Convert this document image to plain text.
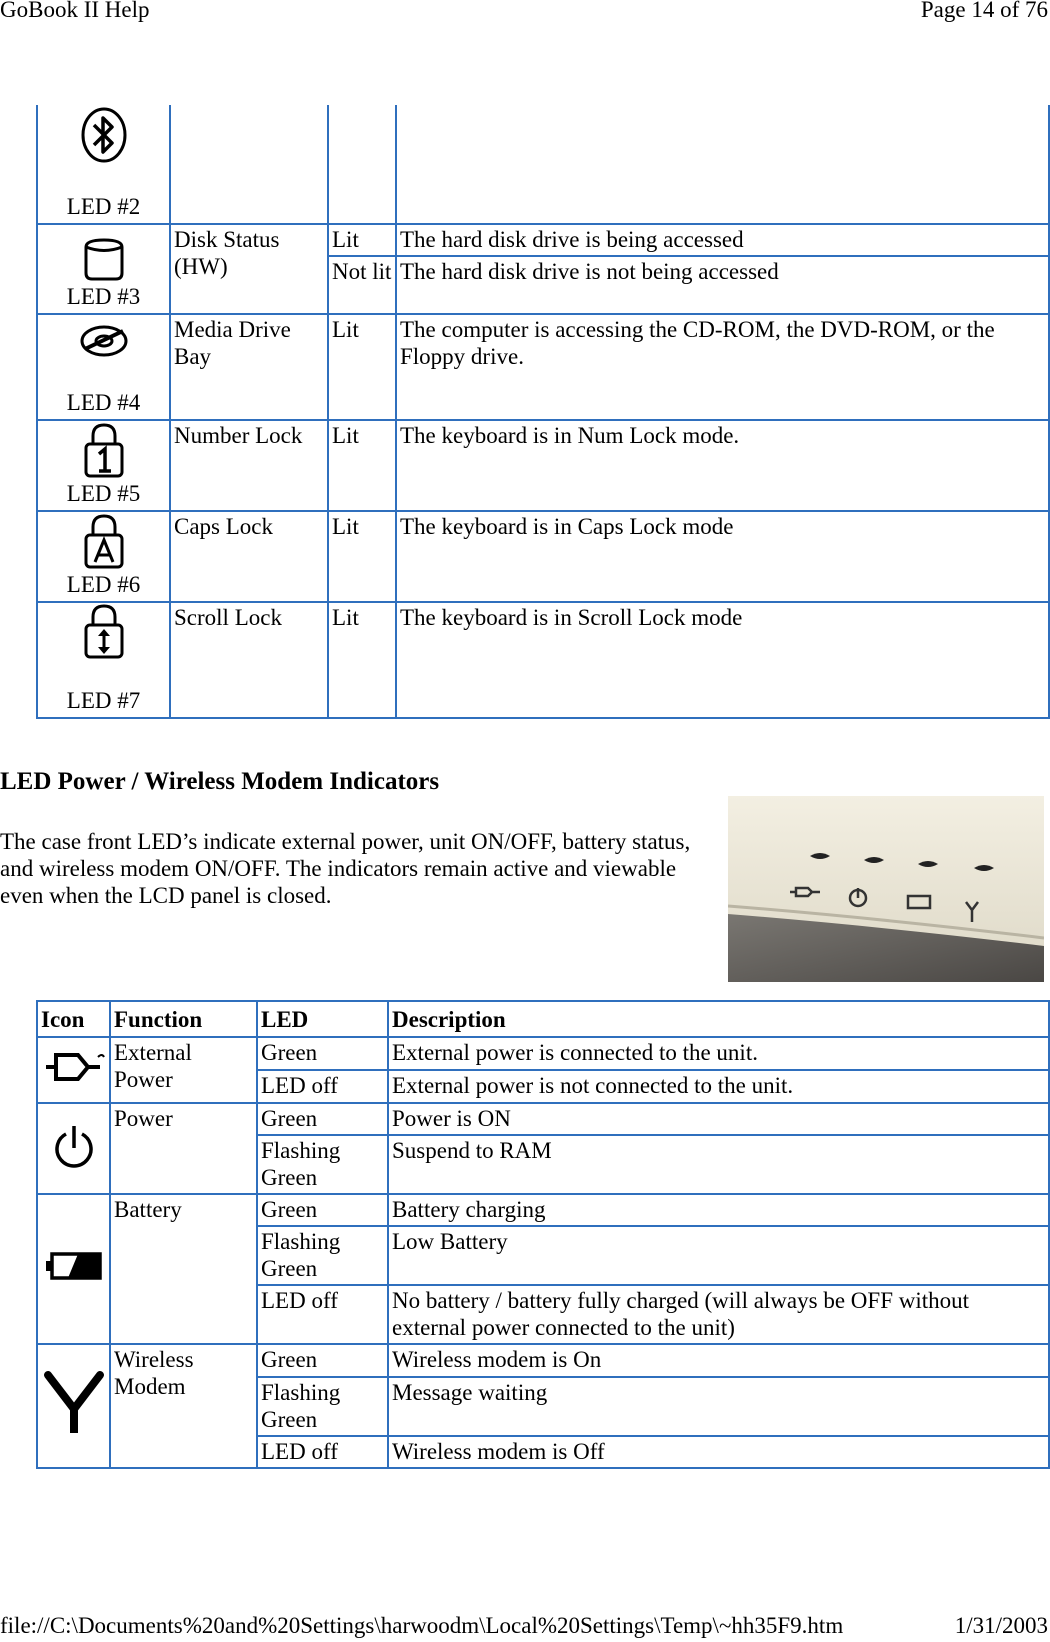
GoBook II Help	Page 14 of 76
LED #2			

LED #3	Disk Status (HW)	Lit	The hard disk drive is being accessed
		Not lit	The hard disk drive is not being accessed

LED #4	Media Drive Bay	Lit	The computer is accessing the CD-ROM, the DVD-ROM, or the Floppy drive.

LED #5	Number Lock	Lit	The keyboard is in Num Lock mode.

LED #6	Caps Lock	Lit	The keyboard is in Caps Lock mode

LED #7	Scroll Lock	Lit	The keyboard is in Scroll Lock mode
LED Power / Wireless Modem Indicators
The case front LED’s indicate external power, unit ON/OFF, battery status, and wireless modem ON/OFF. The indicators remain active and viewable even when the LCD panel is closed.
Icon	Function	LED	Description
	External Power	Green	External power is connected to the unit.
		LED off	External power is not connected to the unit.
	Power	Green	Power is ON
		Flashing Green	Suspend to RAM
	Battery	Green	Battery charging
		Flashing Green	Low Battery
		LED off	No battery / battery fully charged (will always be OFF without external power connected to the unit)
	Wireless Modem	Green	Wireless modem is On
		Flashing Green	Message waiting
		LED off	Wireless modem is Off
file://C:\Documents%20and%20Settings\harwoodm\Local%20Settings\Temp\~hh35F9.htm	1/31/2003
